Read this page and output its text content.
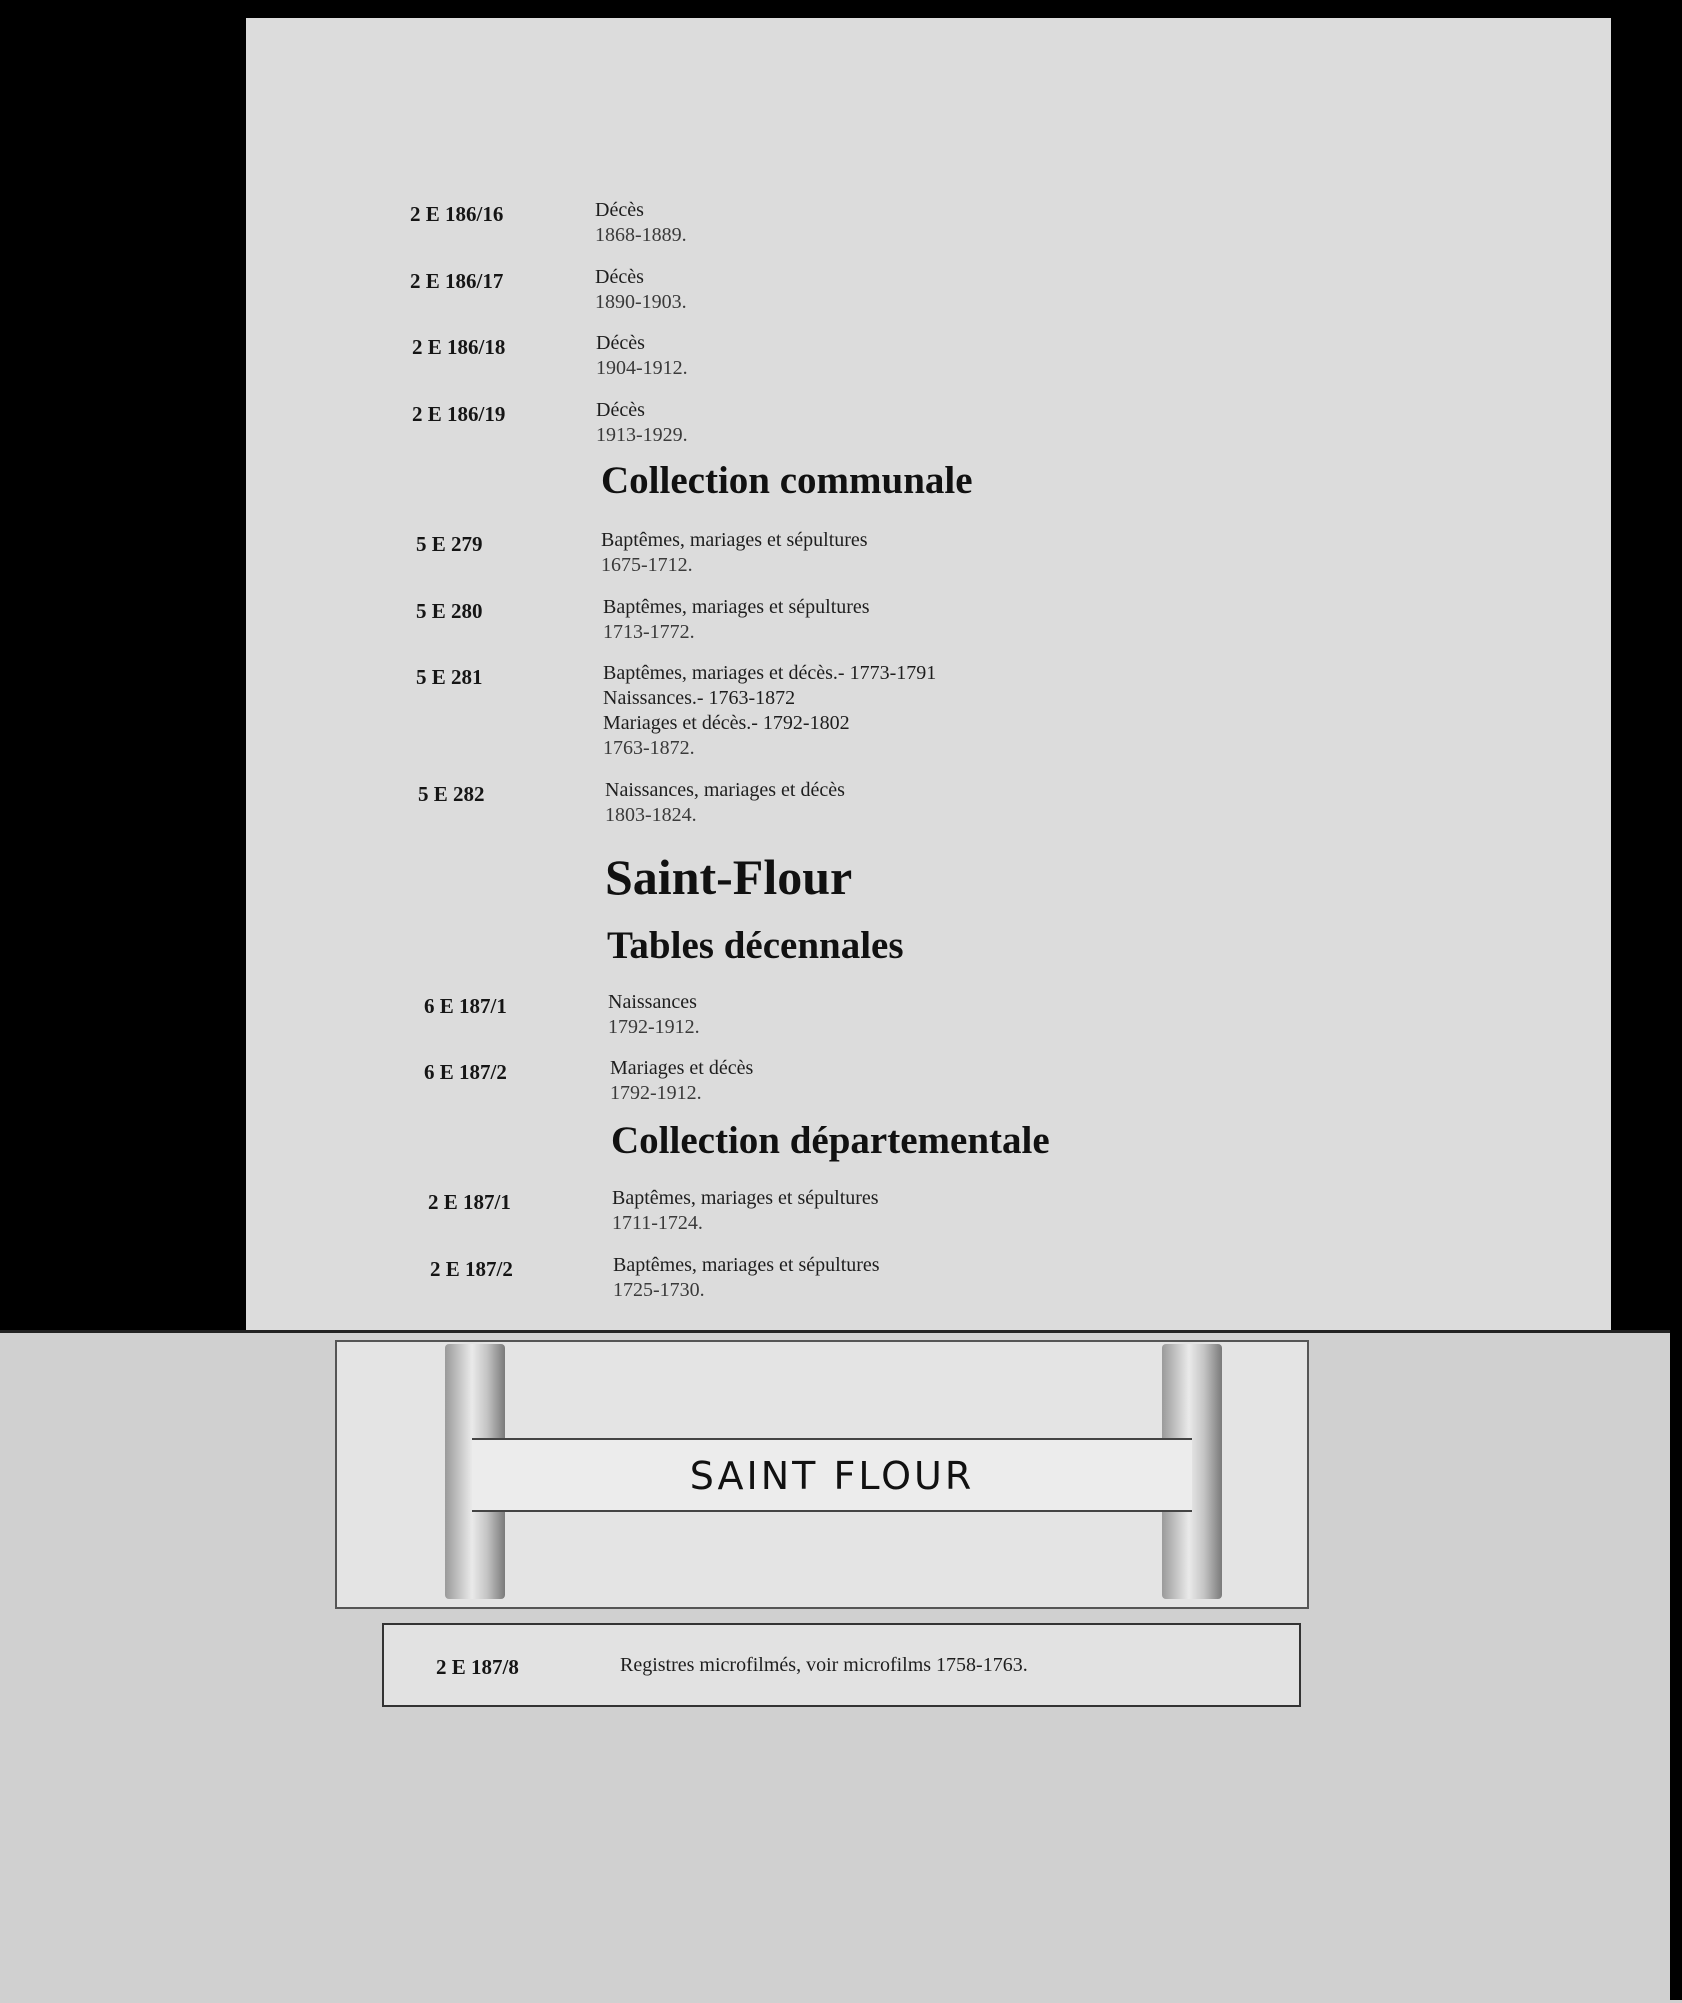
2 E 186/16	Décès
1868-1889.
2 E 186/17	Décès
1890-1903.
2 E 186/18	Décès
1904-1912.
2 E 186/19	Décès
1913-1929.
Collection communale
5 E 279	Baptêmes, mariages et sépultures
1675-1712.
5 E 280	Baptêmes, mariages et sépultures
1713-1772.
5 E 281	Baptêmes, mariages et décès.- 1773-1791
Naissances.- 1763-1872
Mariages et décès.- 1792-1802
1763-1872.
5 E 282	Naissances, mariages et décès
1803-1824.
Saint-Flour
Tables décennales
6 E 187/1	Naissances
1792-1912.
6 E 187/2	Mariages et décès
1792-1912.
Collection départementale
2 E 187/1	Baptêmes, mariages et sépultures
1711-1724.
2 E 187/2	Baptêmes, mariages et sépultures
1725-1730.
SAINT FLOUR
2 E 187/8	Registres microfilmés, voir microfilms 1758-1763.
